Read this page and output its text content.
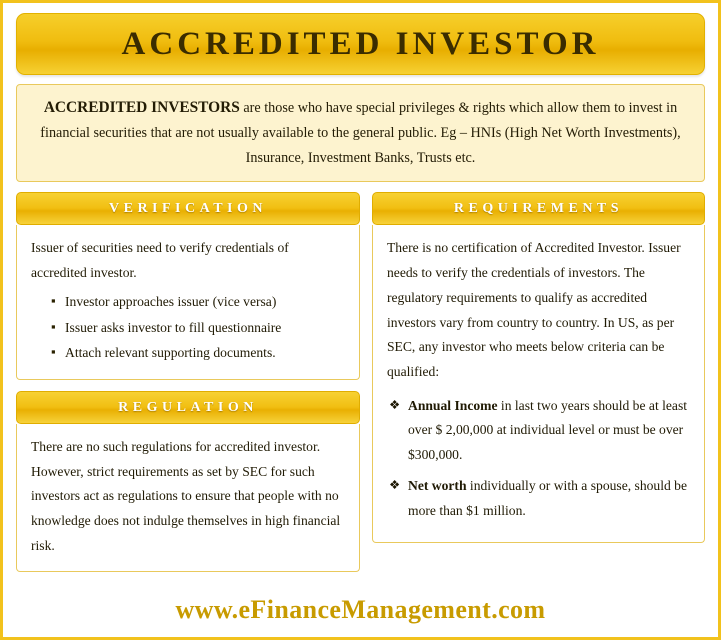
ACCREDITED INVESTOR
ACCREDITED INVESTORS are those who have special privileges & rights which allow them to invest in financial securities that are not usually available to the general public. Eg – HNIs (High Net Worth Investments), Insurance, Investment Banks, Trusts etc.
VERIFICATION

Issuer of securities need to verify credentials of accredited investor.

▪ Investor approaches issuer (vice versa)
▪ Issuer asks investor to fill questionnaire
▪ Attach relevant supporting documents.
REGULATION

There are no such regulations for accredited investor. However, strict requirements as set by SEC for such investors act as regulations to ensure that people with no knowledge does not indulge themselves in high financial risk.

REQUIREMENTS

There is no certification of Accredited Investor. Issuer needs to verify the credentials of investors. The regulatory requirements to qualify as accredited investors vary from country to country. In US, as per SEC, any investor who meets below criteria can be qualified:

❖ Annual Income in last two years should be at least over $ 2,00,000 at individual level or must be over $300,000.
❖ Net worth individually or with a spouse, should be more than $1 million.
www.eFinanceManagement.com
